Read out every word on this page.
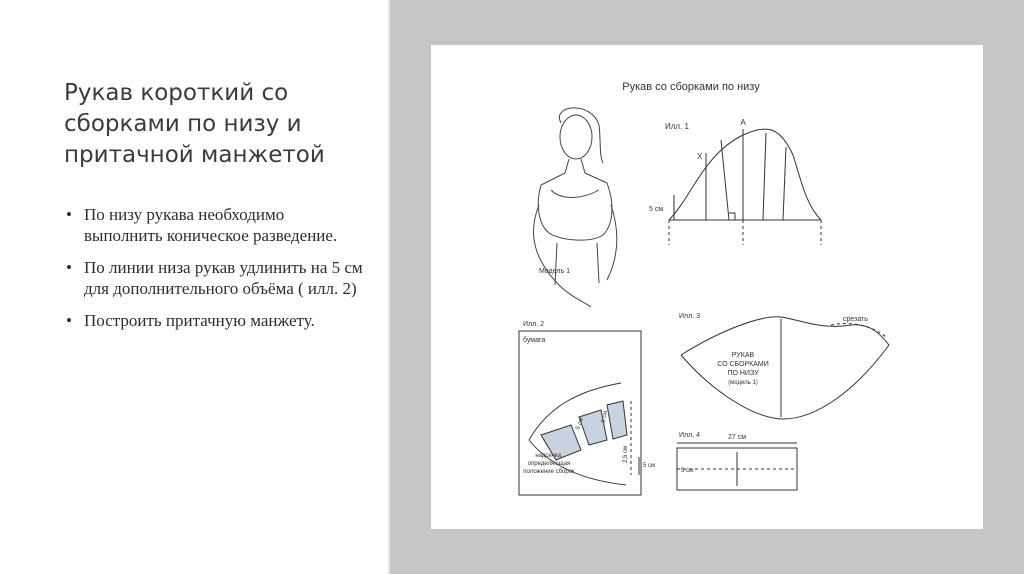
Рукав короткий со сборками по низу и притачной манжетой
• По низу рукава необходимо выполнить коническое разведение.
• По линии низа рукав удлинить на 5 см для дополнительного объёма ( илл. 2)
• Построить притачную манжету.
Рукав со сборками по низу
Илл. 1	А
Х
5 см
Модель 1
Илл. 2
бумага
5 см
5 см
2,5 см
5 см
надсечка,
определяющая
положение сборок
Илл. 3	срезать
РУКАВ
СО СБОРКАМИ
ПО НИЗУ
(модель 1)
Илл. 4	27 см
5 см
